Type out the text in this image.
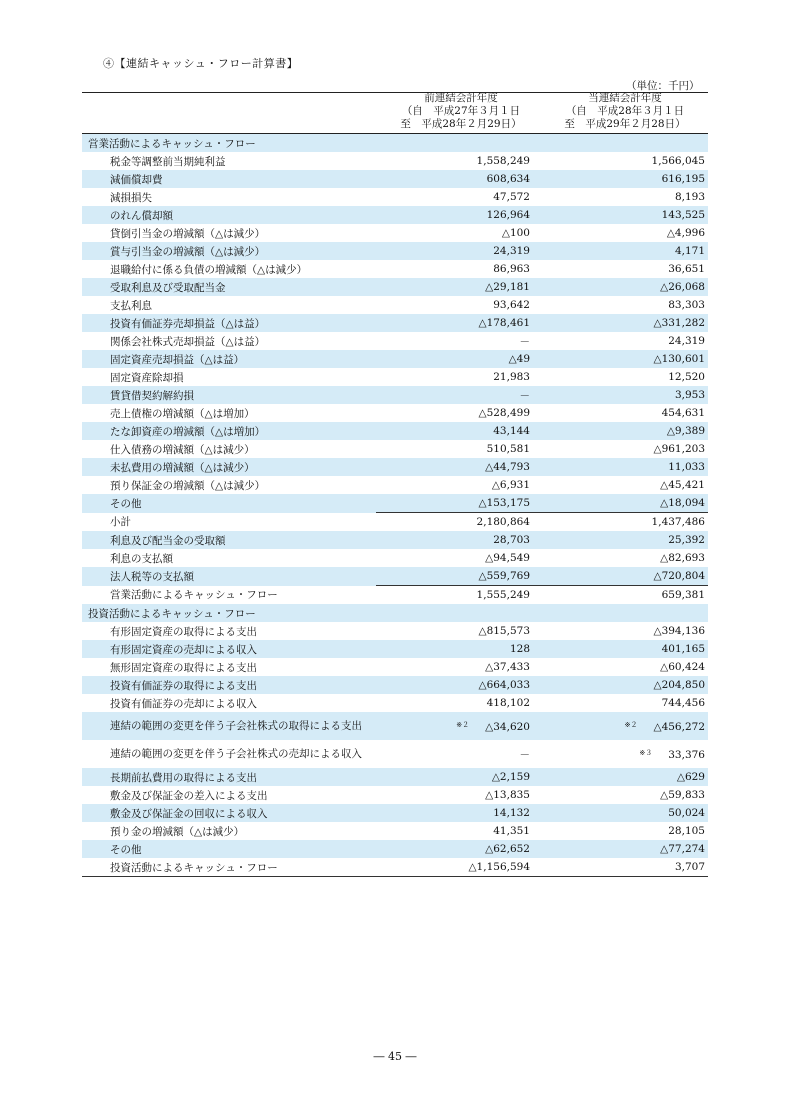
④【連結キャッシュ・フロー計算書】
（単位：千円）
前連結会計年度
（自　平成27年３月１日
至　平成28年２月29日）
当連結会計年度
（自　平成28年３月１日
至　平成29年２月28日）
営業活動によるキャッシュ・フロー		
税金等調整前当期純利益	1,558,249	1,566,045
減価償却費	608,634	616,195
減損損失	47,572	8,193
のれん償却額	126,964	143,525
貸倒引当金の増減額（△は減少）	△100	△4,996
賞与引当金の増減額（△は減少）	24,319	4,171
退職給付に係る負債の増減額（△は減少）	86,963	36,651
受取利息及び受取配当金	△29,181	△26,068
支払利息	93,642	83,303
投資有価証券売却損益（△は益）	△178,461	△331,282
関係会社株式売却損益（△は益）	－	24,319
固定資産売却損益（△は益）	△49	△130,601
固定資産除却損	21,983	12,520
賃貸借契約解約損	－	3,953
売上債権の増減額（△は増加）	△528,499	454,631
たな卸資産の増減額（△は増加）	43,144	△9,389
仕入債務の増減額（△は減少）	510,581	△961,203
未払費用の増減額（△は減少）	△44,793	11,033
預り保証金の増減額（△は減少）	△6,931	△45,421
その他	△153,175	△18,094
小計	2,180,864	1,437,486
利息及び配当金の受取額	28,703	25,392
利息の支払額	△94,549	△82,693
法人税等の支払額	△559,769	△720,804
営業活動によるキャッシュ・フロー	1,555,249	659,381
投資活動によるキャッシュ・フロー		
有形固定資産の取得による支出	△815,573	△394,136
有形固定資産の売却による収入	128	401,165
無形固定資産の取得による支出	△37,433	△60,424
投資有価証券の取得による支出	△664,033	△204,850
投資有価証券の売却による収入	418,102	744,456
連結の範囲の変更を伴う子会社株式の取得による支出	$^{※2}$ △34,620	$^{※2}$ △456,272
連結の範囲の変更を伴う子会社株式の売却による収入	－	$^{※3}$ 33,376
長期前払費用の取得による支出	△2,159	△629
敷金及び保証金の差入による支出	△13,835	△59,833
敷金及び保証金の回収による収入	14,132	50,024
預り金の増減額（△は減少）	41,351	28,105
その他	△62,652	△77,274
投資活動によるキャッシュ・フロー	△1,156,594	3,707
― 45 ―
